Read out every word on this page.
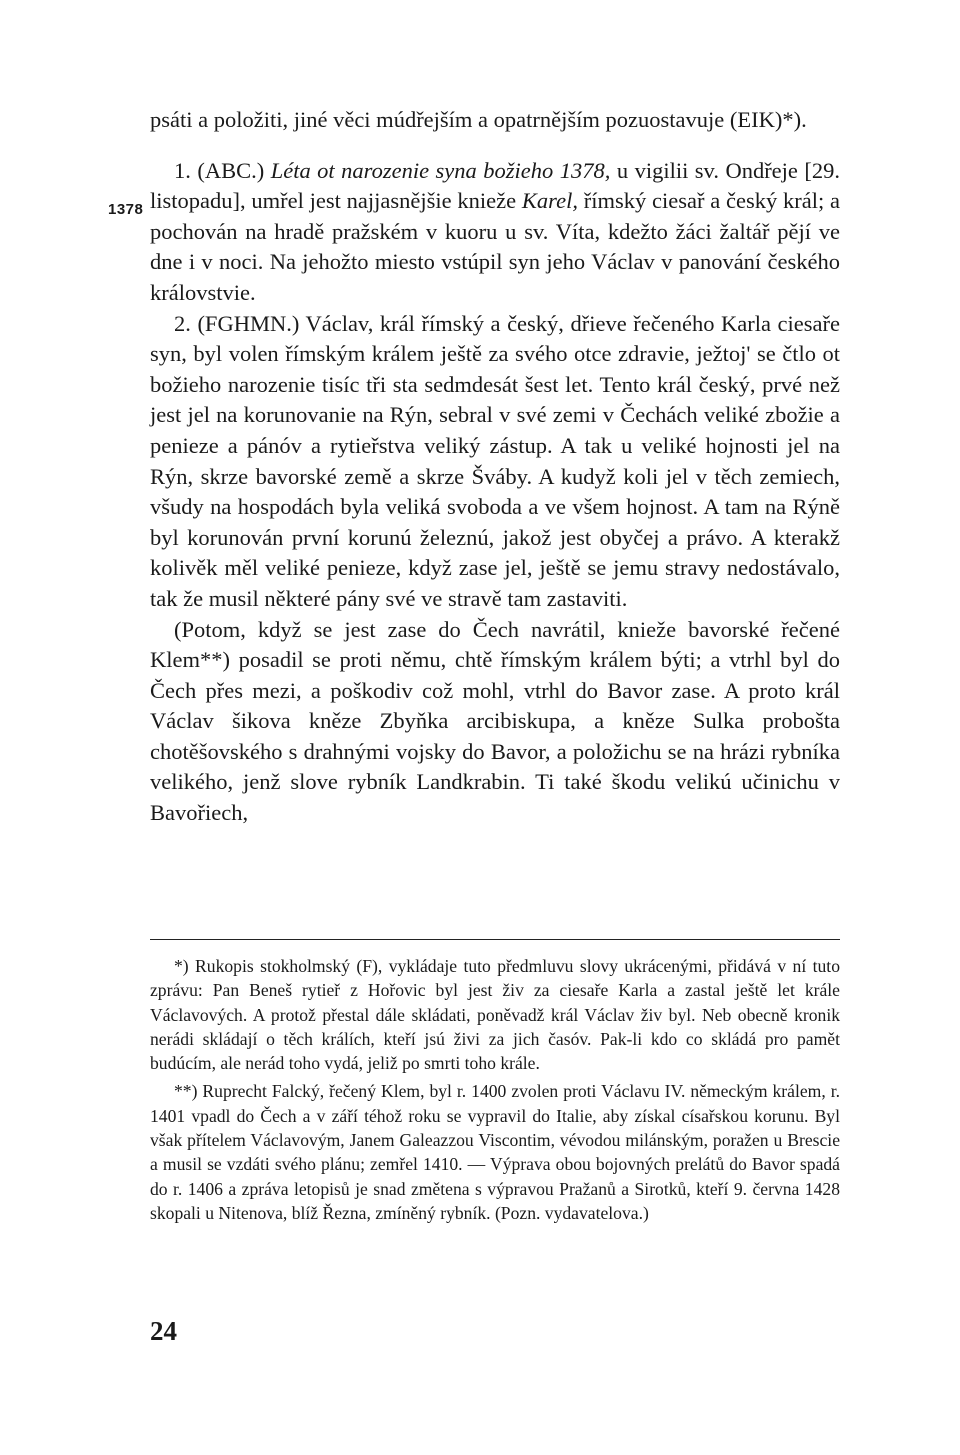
1378

psáti a položiti, jiné věci múdřejším a opatrnějším pozuostavuje (EIK)*).

1. (ABC.) Léta ot narozenie syna božieho 1378, u vigilii sv. Ondřeje [29. listopadu], umřel jest najjasnějšie knieže Karel, římský ciesař a český král; a pochován na hradě pražském v kuoru u sv. Víta, kdežto žáci žaltář pějí ve dne i v noci. Na jehožto miesto vstúpil syn jeho Václav v panování českého královstvie.

2. (FGHMN.) Václav, král římský a český, dřieve řečeného Karla ciesaře syn, byl volen římským králem ještě za svého otce zdravie, ježtoj' se čtlo ot božieho narozenie tisíc tři sta sedmdesát šest let. Tento král český, prvé než jest jel na korunovanie na Rýn, sebral v své zemi v Čechách veliké zbožie a penieze a pánóv a rytieřstva veliký zástup. A tak u veliké hojnosti jel na Rýn, skrze bavorské země a skrze Šváby. A kudyž koli jel v těch zemiech, všudy na hospodách byla veliká svoboda a ve všem hojnost. A tam na Rýně byl korunován první korunú železnú, jakož jest obyčej a právo. A kterakž kolivěk měl veliké penieze, když zase jel, ještě se jemu stravy nedostávalo, tak že musil některé pány své ve stravě tam zastaviti.

(Potom, když se jest zase do Čech navrátil, knieže bavorské řečené Klem**) posadil se proti němu, chtě římským králem býti; a vtrhl byl do Čech přes mezi, a poškodiv což mohl, vtrhl do Bavor zase. A proto král Václav šikova kněze Zbyňka arcibiskupa, a kněze Sulka probošta chotěšovského s drahnými vojsky do Bavor, a položichu se na hrázi rybníka velikého, jenž slove rybník Landkrabin. Ti také škodu velikú učinichu v Bavořiech,

*) Rukopis stokholmský (F), vykládaje tuto předmluvu slovy ukrácenými, přidává v ní tuto zprávu: Pan Beneš rytieř z Hořovic byl jest živ za ciesaře Karla a zastal ještě let krále Václavových. A protož přestal dále skládati, poněvadž král Václav živ byl. Neb obecně kronik nerádi skládají o těch králích, kteří jsú živi za jich časóv. Pak-li kdo co skládá pro pamět budúcím, ale nerád toho vydá, jeliž po smrti toho krále.

**) Ruprecht Falcký, řečený Klem, byl r. 1400 zvolen proti Václavu IV. německým králem, r. 1401 vpadl do Čech a v září téhož roku se vypravil do Italie, aby získal císařskou korunu. Byl však přítelem Václavovým, Janem Galeazzou Viscontim, vévodou milánským, poražen u Brescie a musil se vzdáti svého plánu; zemřel 1410. — Výprava obou bojovných prelátů do Bavor spadá do r. 1406 a zpráva letopisů je snad změtena s výpravou Pražanů a Sirotků, kteří 9. června 1428 skopali u Nitenova, blíž Řezna, zmíněný rybník. (Pozn. vydavatelova.)

24
